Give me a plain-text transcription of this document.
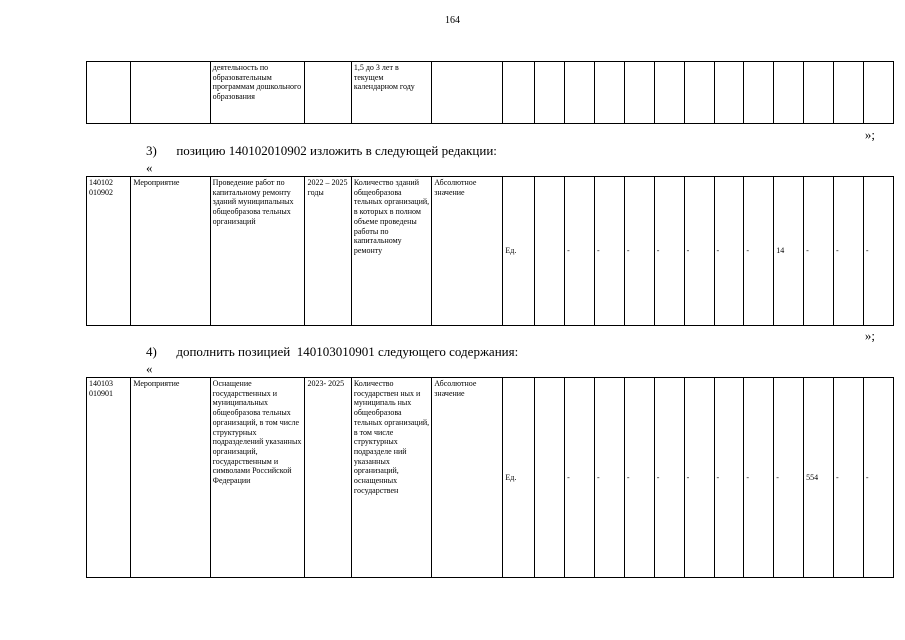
164
		деятельность по образовательным программам дошкольного образования		1,5 до 3 лет в текущем календарном году														
»;
3) позицию 140102010902 изложить в следующей редакции:
«
140102 010902	Мероприятие	Проведение работ по капитальному ремонту зданий муниципальных общеобразова тельных организаций	2022 – 2025 годы	Количество зданий общеобразова тельных организаций, в которых в полном объеме проведены работы по капитальному ремонту	Абсолютное значение	Ед.		-	-	-	-	-	-	-	14	-	-	-
»;
4) дополнить позицией  140103010901 следующего содержания:
«
140103 010901	Мероприятие	Оснащение государственных и муниципальных общеобразова тельных организаций, в том числе структурных подразделений указанных организаций, государственным и символами Российской Федерации	2023- 2025	Количество государствен ных и муниципаль ных общеобразова тельных организаций, в том числе структурных подразделе ний указанных организаций, оснащенных государствен	Абсолютное значение	Ед.		-	-	-	-	-	-	-	-	554	-	-
